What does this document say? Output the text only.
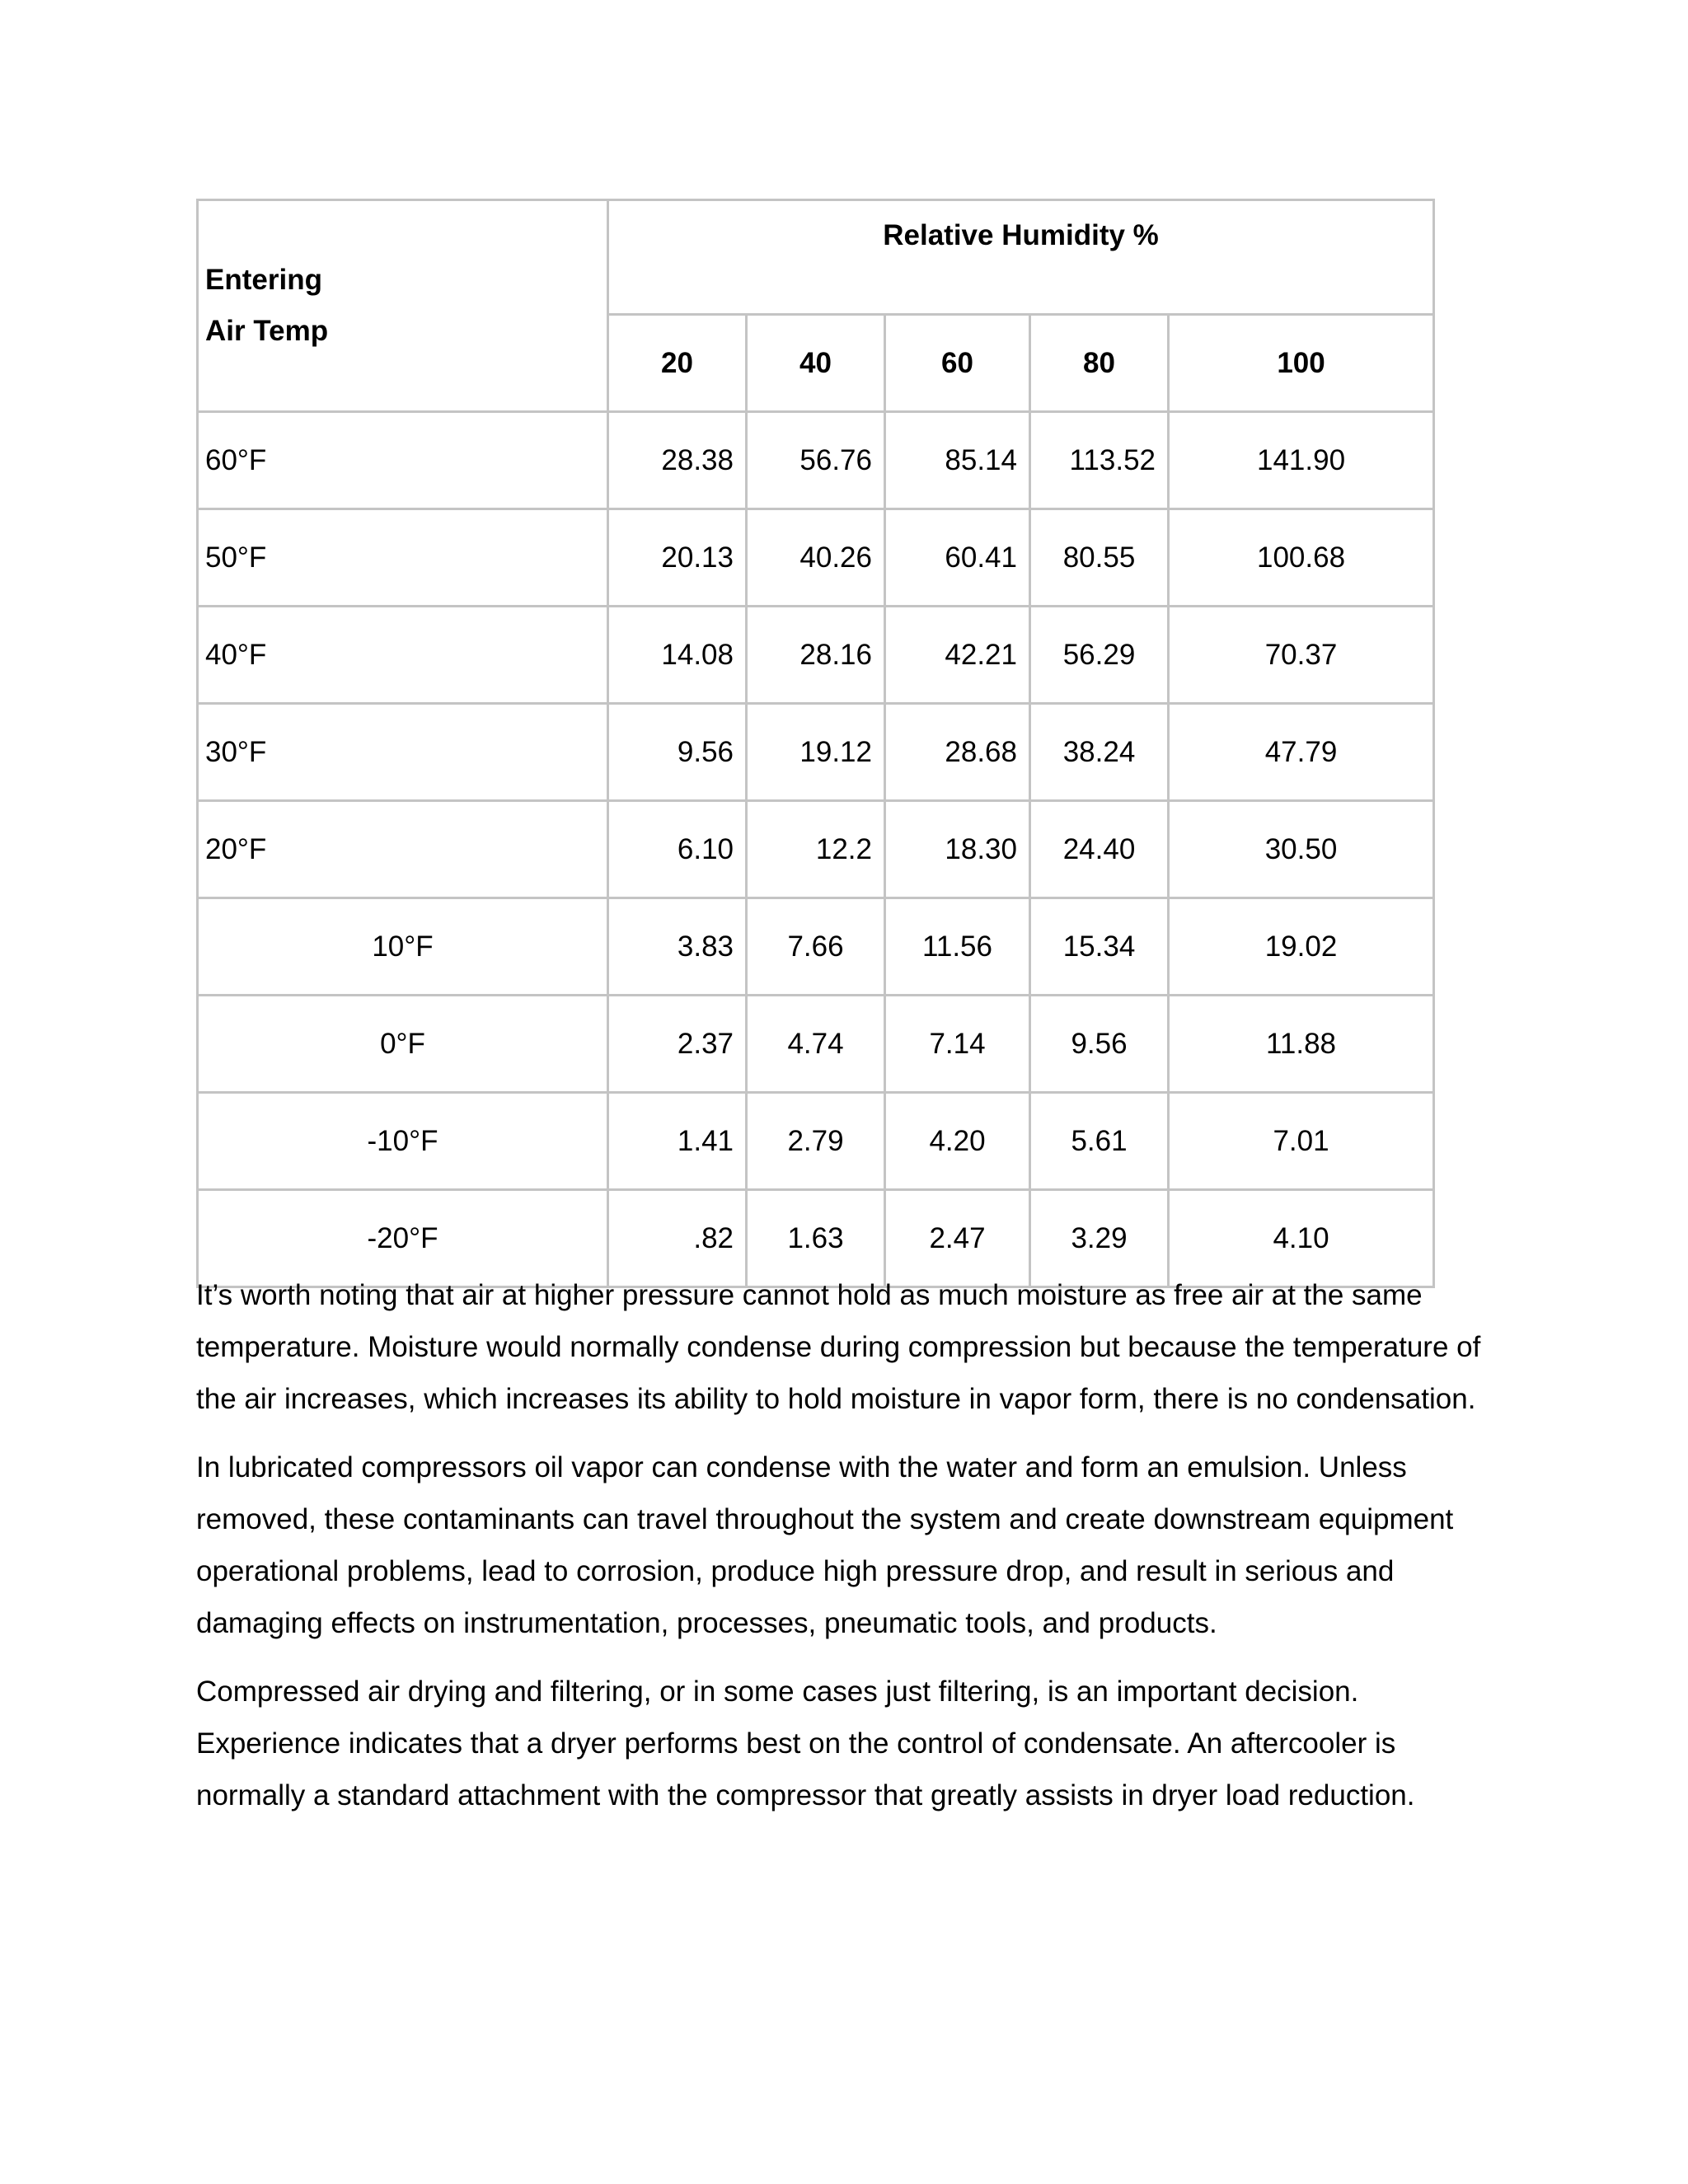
Entering
Air Temp	Relative Humidity %				
	20	40	60	80	100
60°F	28.38	56.76	85.14	113.52	141.90
50°F	20.13	40.26	60.41	80.55	100.68
40°F	14.08	28.16	42.21	56.29	70.37
30°F	9.56	19.12	28.68	38.24	47.79
20°F	6.10	12.2	18.30	24.40	30.50
10°F	3.83	7.66	11.56	15.34	19.02
0°F	2.37	4.74	7.14	9.56	11.88
-10°F	1.41	2.79	4.20	5.61	7.01
-20°F	.82	1.63	2.47	3.29	4.10

It’s worth noting that air at higher pressure cannot hold as much moisture as free air at the same temperature. Moisture would normally condense during compression but because the temperature of the air increases, which increases its ability to hold moisture in vapor form, there is no condensation.

In lubricated compressors oil vapor can condense with the water and form an emulsion. Unless removed, these contaminants can travel throughout the system and create downstream equipment operational problems, lead to corrosion, produce high pressure drop, and result in serious and damaging effects on instrumentation, processes, pneumatic tools, and products.

Compressed air drying and filtering, or in some cases just filtering, is an important decision. Experience indicates that a dryer performs best on the control of condensate. An aftercooler is normally a standard attachment with the compressor that greatly assists in dryer load reduction.
